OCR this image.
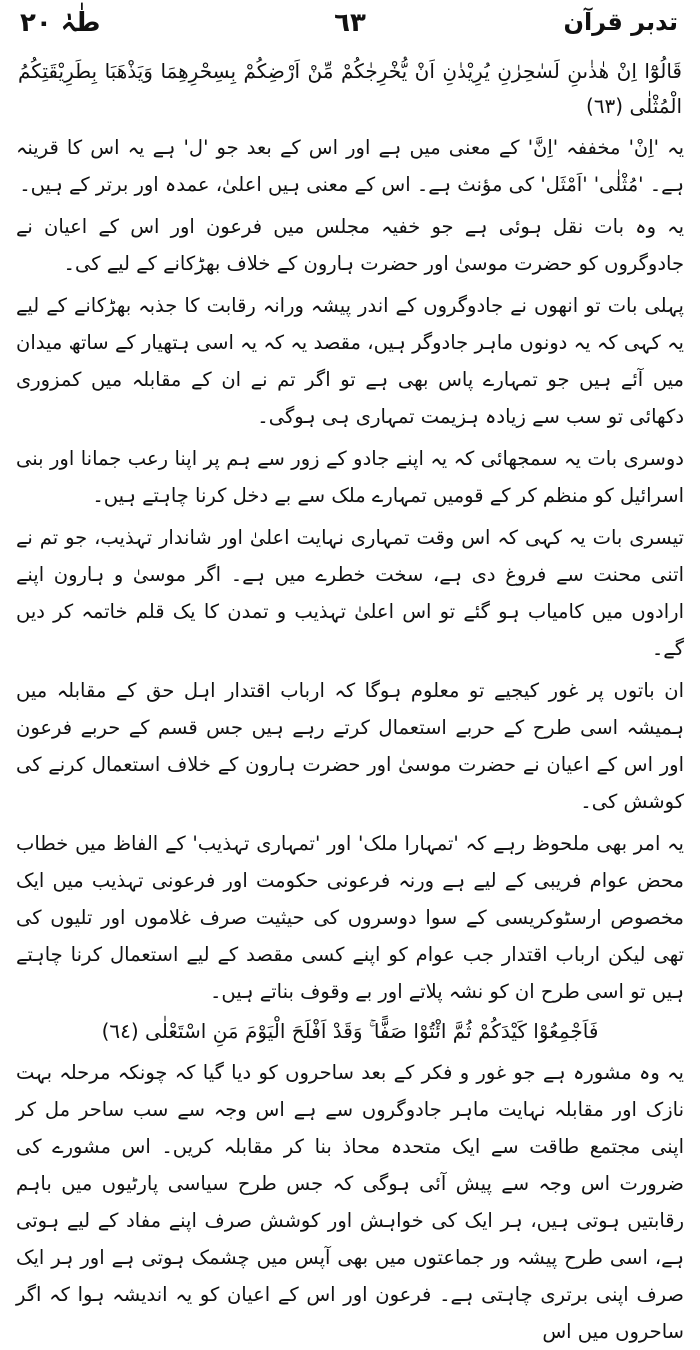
طٰہٰ ٢٠	٦٣	تدبر قرآن
قَالُوْٓا اِنْ هٰذٰىنِ لَسٰحِرٰنِ يُرِيْدٰنِ اَنْ يُّخْرِجٰكُمْ مِّنْ اَرْضِكُمْ بِسِحْرِهِمَا وَيَذْهَبَا بِطَرِيْقَتِكُمُ الْمُثْلٰى (٦٣)

یہ 'اِنْ' مخففہ 'اِنَّ' کے معنی میں ہے اور اس کے بعد جو 'ل' ہے یہ اس کا قرینہ ہے۔ 'مُثْلٰی' 'اَمْثَل' کی مؤنث ہے۔ اس کے معنی ہیں اعلیٰ، عمدہ اور برتر کے ہیں۔

یہ وہ بات نقل ہوئی ہے جو خفیہ مجلس میں فرعون اور اس کے اعیان نے جادوگروں کو حضرت موسیٰ اور حضرت ہارون کے خلاف بھڑکانے کے لیے کی۔

پہلی بات تو انھوں نے جادوگروں کے اندر پیشہ ورانہ رقابت کا جذبہ بھڑکانے کے لیے یہ کہی کہ یہ دونوں ماہر جادوگر ہیں، مقصد یہ کہ یہ اسی ہتھیار کے ساتھ میدان میں آئے ہیں جو تمہارے پاس بھی ہے تو اگر تم نے ان کے مقابلہ میں کمزوری دکھائی تو سب سے زیادہ ہزیمت تمہاری ہی ہوگی۔

دوسری بات یہ سمجھائی کہ یہ اپنے جادو کے زور سے ہم پر اپنا رعب جمانا اور بنی اسرائیل کو منظم کر کے قومیں تمہارے ملک سے بے دخل کرنا چاہتے ہیں۔

تیسری بات یہ کہی کہ اس وقت تمہاری نہایت اعلیٰ اور شاندار تہذیب، جو تم نے اتنی محنت سے فروغ دی ہے، سخت خطرے میں ہے۔ اگر موسیٰ و ہارون اپنے ارادوں میں کامیاب ہو گئے تو اس اعلیٰ تہذیب و تمدن کا یک قلم خاتمہ کر دیں گے۔

ان باتوں پر غور کیجیے تو معلوم ہوگا کہ ارباب اقتدار اہل حق کے مقابلہ میں ہمیشہ اسی طرح کے حربے استعمال کرتے رہے ہیں جس قسم کے حربے فرعون اور اس کے اعیان نے حضرت موسیٰ اور حضرت ہارون کے خلاف استعمال کرنے کی کوشش کی۔

یہ امر بھی ملحوظ رہے کہ 'تمہارا ملک' اور 'تمہاری تہذیب' کے الفاظ میں خطاب محض عوام فریبی کے لیے ہے ورنہ فرعونی حکومت اور فرعونی تہذیب میں ایک مخصوص ارسٹوکریسی کے سوا دوسروں کی حیثیت صرف غلاموں اور تلیوں کی تھی لیکن ارباب اقتدار جب عوام کو اپنے کسی مقصد کے لیے استعمال کرنا چاہتے ہیں تو اسی طرح ان کو نشہ پلاتے اور بے وقوف بناتے ہیں۔

فَاَجْمِعُوْا كَيْدَكُمْ ثُمَّ ائْتُوْا صَفًّا ۚ وَقَدْ اَفْلَحَ الْيَوْمَ مَنِ اسْتَعْلٰى (٦٤)

یہ وہ مشورہ ہے جو غور و فکر کے بعد ساحروں کو دیا گیا کہ چونکہ مرحلہ بہت نازک اور مقابلہ نہایت ماہر جادوگروں سے ہے اس وجہ سے سب ساحر مل کر اپنی مجتمع طاقت سے ایک متحدہ محاذ بنا کر مقابلہ کریں۔ اس مشورے کی ضرورت اس وجہ سے پیش آئی ہوگی کہ جس طرح سیاسی پارٹیوں میں باہم رقابتیں ہوتی ہیں، ہر ایک کی خواہش اور کوشش صرف اپنے مفاد کے لیے ہوتی ہے، اسی طرح پیشہ ور جماعتوں میں بھی آپس میں چشمک ہوتی ہے اور ہر ایک صرف اپنی برتری چاہتی ہے۔ فرعون اور اس کے اعیان کو یہ اندیشہ ہوا کہ اگر ساحروں میں اس
